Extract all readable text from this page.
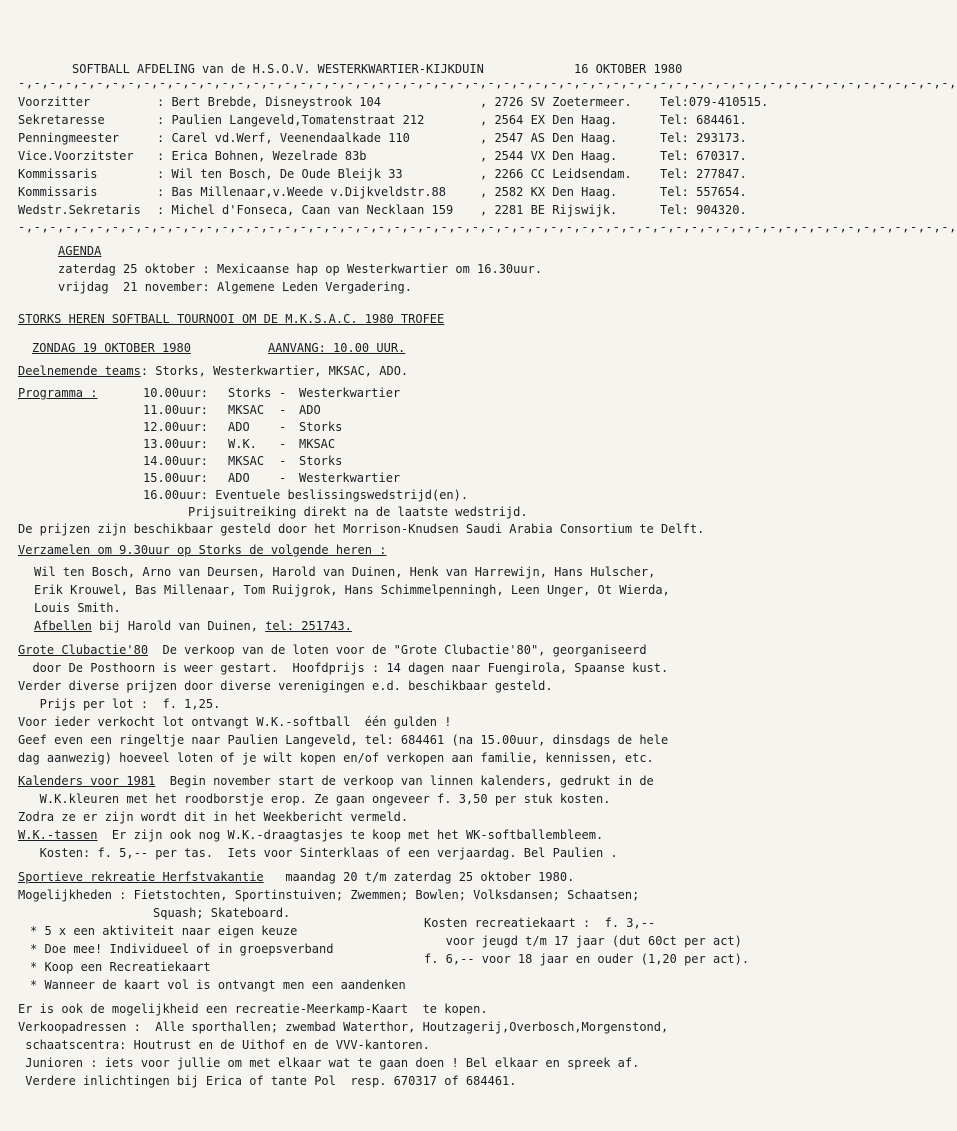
SOFTBALL AFDELING van de H.S.O.V. WESTERKWARTIER-KIJKDUIN	16 OKTOBER 1980
-,-,-,-,-,-,-,-,-,-,-,-,-,-,-,-,-,-,-,-,-,-,-,-,-,-,-,-,-,-,-,-,-,-,-,-,-,-,-,-,-,-,-,-,-,-,-,-,-,-,-,-,-,-,-,-,-,-,-,-,
Voorzitter	: Bert Brebde, Disneystrook 104	, 2726 SV Zoetermeer. Tel:079-410515.
Sekretaresse	: Paulien Langeveld,Tomatenstraat 212	, 2564 EX Den Haag.	Tel: 684461.
Penningmeester	: Carel vd.Werf, Veenendaalkade 110	, 2547 AS Den Haag.	Tel: 293173.
Vice.Voorzitster : Erica Bohnen, Wezelrade 83b	, 2544 VX Den Haag.	Tel: 670317.
Kommissaris	: Wil ten Bosch, De Oude Bleijk 33	, 2266 CC Leidsendam. Tel: 277847.
Kommissaris	: Bas Millenaar,v.Weede v.Dijkveldstr.88	, 2582 KX Den Haag.	Tel: 557654.
Wedstr.Sekretaris : Michel d'Fonseca, Caan van Necklaan 159 , 2281 BE Rijswijk.	Tel: 904320.
-,-,-,-,-,-,-,-,-,-,-,-,-,-,-,-,-,-,-,-,-,-,-,-,-,-,-,-,-,-,-,-,-,-,-,-,-,-,-,-,-,-,-,-,-,-,-,-,-,-,-,-,-,-,-,-,-,-,-,-,
AGENDA
zaterdag 25 oktober : Mexicaanse hap op Westerkwartier om 16.30uur.
vrijdag  21 november: Algemene Leden Vergadering.
STORKS HEREN SOFTBALL TOURNOOI OM DE M.K.S.A.C. 1980 TROFEE
ZONDAG 19 OKTOBER 1980	AANVANG: 10.00 UUR.
Deelnemende teams: Storks, Westerkwartier, MKSAC, ADO.
Programma :	10.00uur: Storks - Westerkwartier
11.00uur: MKSAC - ADO
12.00uur: ADO - Storks
13.00uur: W.K. - MKSAC
14.00uur: MKSAC - Storks
15.00uur: ADO - Westerkwartier
16.00uur: Eventuele beslissingswedstrijd(en).
Prijsuitreiking direkt na de laatste wedstrijd.
De prijzen zijn beschikbaar gesteld door het Morrison-Knudsen Saudi Arabia Consortium te Delft.
Verzamelen om 9.30uur op Storks de volgende heren :
Wil ten Bosch, Arno van Deursen, Harold van Duinen, Henk van Harrewijn, Hans Hulscher,
Erik Krouwel, Bas Millenaar, Tom Ruijgrok, Hans Schimmelpenningh, Leen Unger, Ot Wierda,
Louis Smith.
Afbellen bij Harold van Duinen, tel: 251743.
Grote Clubactie'80  De verkoop van de loten voor de "Grote Clubactie'80", georganiseerd
door De Posthoorn is weer gestart.  Hoofdprijs : 14 dagen naar Fuengirola, Spaanse kust.
Verder diverse prijzen door diverse verenigingen e.d. beschikbaar gesteld.
Prijs per lot :  f. 1,25.
Voor ieder verkocht lot ontvangt W.K.-softball  één gulden !
Geef even een ringeltje naar Paulien Langeveld, tel: 684461 (na 15.00uur, dinsdags de hele
dag aanwezig) hoeveel loten of je wilt kopen en/of verkopen aan familie, kennissen, etc.
Kalenders voor 1981  Begin november start de verkoop van linnen kalenders, gedrukt in de
W.K.kleuren met het roodborstje erop. Ze gaan ongeveer f. 3,50 per stuk kosten.
Zodra ze er zijn wordt dit in het Weekbericht vermeld.
W.K.-tassen  Er zijn ook nog W.K.-draagtasjes te koop met het WK-softballembleem.
Kosten: f. 5,-- per tas.  Iets voor Sinterklaas of een verjaardag. Bel Paulien .
Sportieve rekreatie Herfstvakantie   maandag 20 t/m zaterdag 25 oktober 1980.
Mogelijkheden : Fietstochten, Sportinstuiven; Zwemmen; Bowlen; Volksdansen; Schaatsen;
Squash; Skateboard.
* 5 x een aktiviteit naar eigen keuze
* Doe mee! Individueel of in groepsverband
* Koop een Recreatiekaart
* Wanneer de kaart vol is ontvangt men een aandenken
Kosten recreatiekaart :  f. 3,--
voor jeugd t/m 17 jaar (dut 60ct per act)
f. 6,-- voor 18 jaar en ouder (1,20 per act).
Er is ook de mogelijkheid een recreatie-Meerkamp-Kaart  te kopen.
Verkoopadressen :  Alle sporthallen; zwembad Waterthor, Houtzagerij,Overbosch,Morgenstond,
schaatscentra: Houtrust en de Uithof en de VVV-kantoren.
Junioren : iets voor jullie om met elkaar wat te gaan doen ! Bel elkaar en spreek af.
Verdere inlichtingen bij Erica of tante Pol  resp. 670317 of 684461.
